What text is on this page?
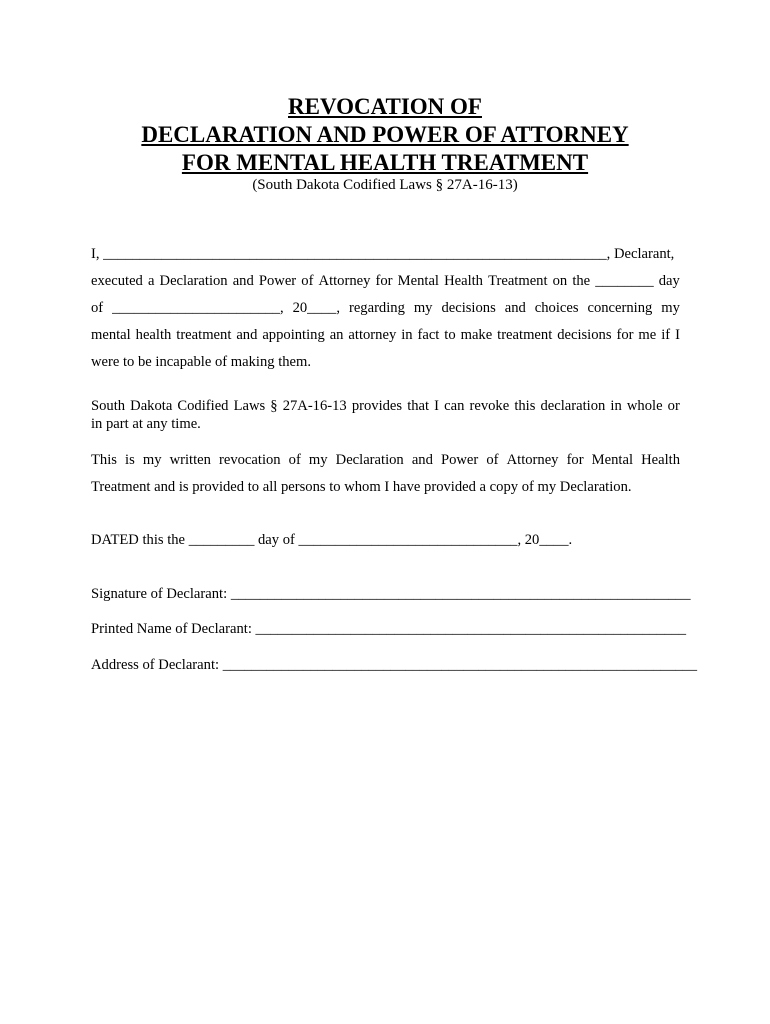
REVOCATION OF
DECLARATION AND POWER OF ATTORNEY
FOR MENTAL HEALTH TREATMENT
(South Dakota Codified Laws § 27A-16-13)
I, _____________________________________________________________________, Declarant,
executed a Declaration and Power of Attorney for Mental Health Treatment on the ________ day
of _______________________, 20____, regarding my decisions and choices concerning my
mental health treatment and appointing an attorney in fact to make treatment decisions for me if I
were to be incapable of making them.
South Dakota Codified Laws § 27A-16-13 provides that I can revoke this declaration in whole or
in part at any time.
This is my written revocation of my Declaration and Power of Attorney for Mental Health
Treatment and is provided to all persons to whom I have provided a copy of my Declaration.
DATED this the _________ day of ______________________________, 20____.
Signature of Declarant: _______________________________________________________________
Printed Name of Declarant: ___________________________________________________________
Address of Declarant: _________________________________________________________________
